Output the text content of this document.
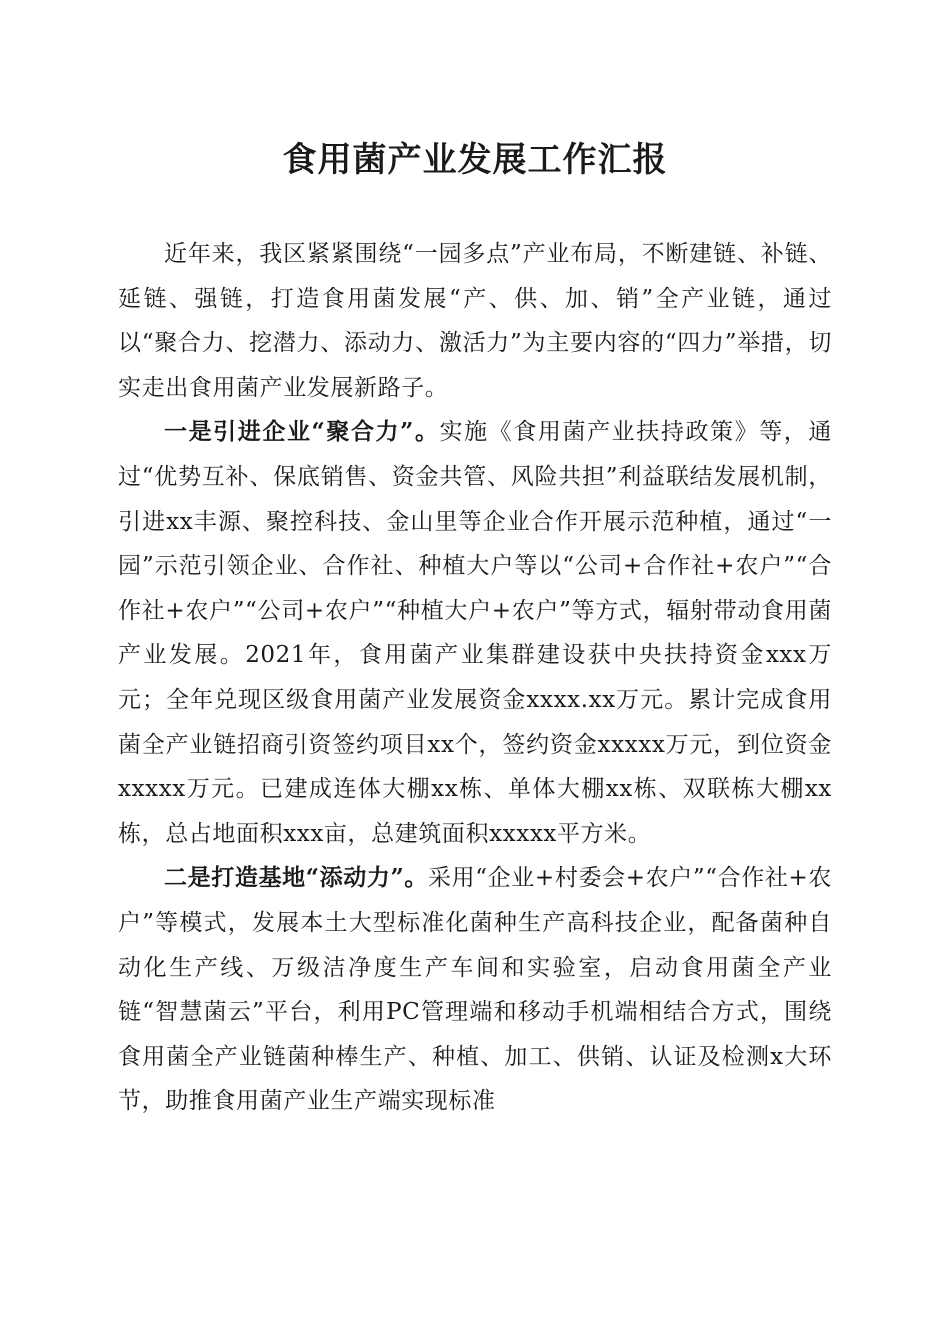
食用菌产业发展工作汇报

近年来，我区紧紧围绕“一园多点”产业布局，不断建链、补链、延链、强链，打造食用菌发展“产、供、加、销”全产业链，通过以“聚合力、挖潜力、添动力、激活力”为主要内容的“四力”举措，切实走出食用菌产业发展新路子。

一是引进企业“聚合力”。实施《食用菌产业扶持政策》等，通过“优势互补、保底销售、资金共管、风险共担”利益联结发展机制，引进xx丰源、聚控科技、金山里等企业合作开展示范种植，通过“一园”示范引领企业、合作社、种植大户等以“公司+合作社+农户”“合作社+农户”“公司+农户”“种植大户+农户”等方式，辐射带动食用菌产业发展。2021年，食用菌产业集群建设获中央扶持资金xxx万元；全年兑现区级食用菌产业发展资金xxxx.xx万元。累计完成食用菌全产业链招商引资签约项目xx个，签约资金xxxxx万元，到位资金xxxxx万元。已建成连体大棚xx栋、单体大棚xx栋、双联栋大棚xx栋，总占地面积xxx亩，总建筑面积xxxxx平方米。

二是打造基地“添动力”。采用“企业+村委会+农户”“合作社+农户”等模式，发展本土大型标准化菌种生产高科技企业，配备菌种自动化生产线、万级洁净度生产车间和实验室，启动食用菌全产业链“智慧菌云”平台，利用PC管理端和移动手机端相结合方式，围绕食用菌全产业链菌种棒生产、种植、加工、供销、认证及检测x大环节，助推食用菌产业生产端实现标准
